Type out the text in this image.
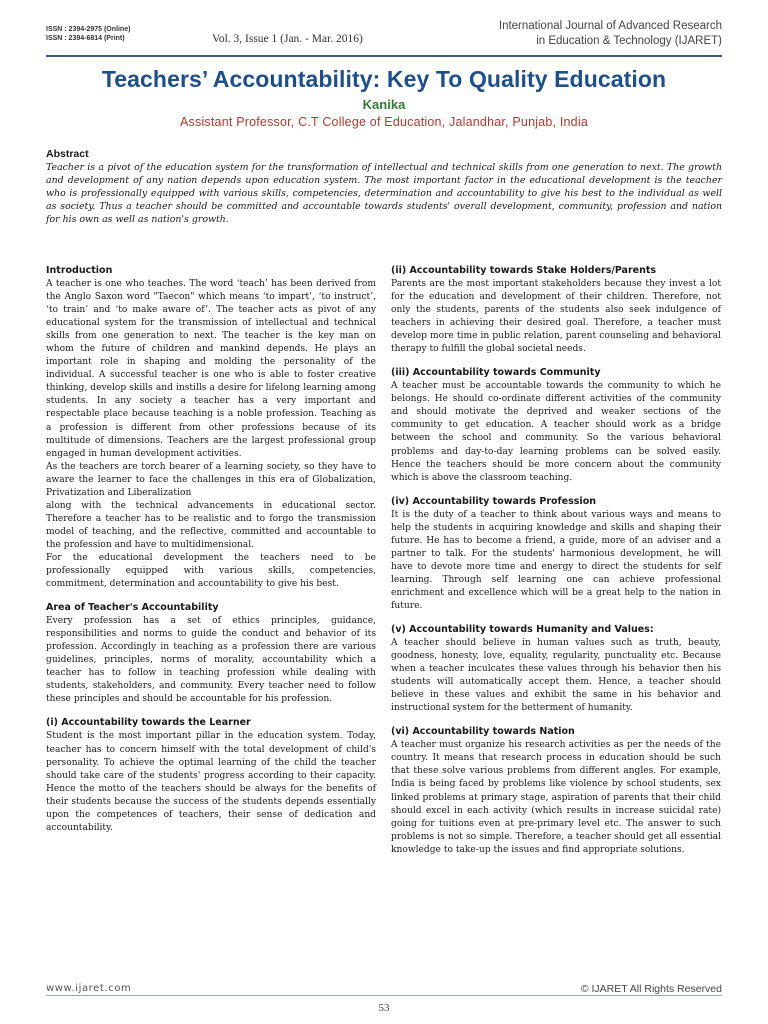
ISSN : 2394-2975 (Online)
ISSN : 2394-6814 (Print)	Vol. 3, Issue 1 (Jan. - Mar. 2016)
International Journal of Advanced Research
in Education & Technology (IJARET)
Teachers’ Accountability: Key To Quality Education
Kanika
Assistant Professor, C.T College of Education, Jalandhar, Punjab, India
Abstract
Teacher is a pivot of the education system for the transformation of intellectual and technical skills from one generation to next. The growth and development of any nation depends upon education system. The most important factor in the educational development is the teacher who is professionally equipped with various skills, competencies, determination and accountability to give his best to the individual as well as society. Thus a teacher should be committed and accountable towards students' overall development, community, profession and nation for his own as well as nation's growth.
Introduction

A teacher is one who teaches. The word ‘teach’ has been derived from the Anglo Saxon word "Taecon" which means ‘to impart’, ‘to instruct’, ‘to train’ and ‘to make aware of’. The teacher acts as pivot of any educational system for the transmission of intellectual and technical skills from one generation to next. The teacher is the key man on whom the future of children and mankind depends. He plays an important role in shaping and molding the personality of the individual. A successful teacher is one who is able to foster creative thinking, develop skills and instills a desire for lifelong learning among students. In any society a teacher has a very important and respectable place because teaching is a noble profession. Teaching as a profession is different from other professions because of its multitude of dimensions. Teachers are the largest professional group engaged in human development activities.

As the teachers are torch bearer of a learning society, so they have to aware the learner to face the challenges in this era of Globalization, Privatization and Liberalization

along with the technical advancements in educational sector. Therefore a teacher has to be realistic and to forgo the transmission model of teaching, and the reflective, committed and accountable to the profession and have to multidimensional.

For the educational development the teachers need to be professionally equipped with various skills, competencies, commitment, determination and accountability to give his best.

Area of Teacher's Accountability

Every profession has a set of ethics principles, guidance, responsibilities and norms to guide the conduct and behavior of its profession. Accordingly in teaching as a profession there are various guidelines, principles, norms of morality, accountability which a teacher has to follow in teaching profession while dealing with students, stakeholders, and community. Every teacher need to follow these principles and should be accountable for his profession.

(i) Accountability towards the Learner

Student is the most important pillar in the education system. Today, teacher has to concern himself with the total development of child's personality. To achieve the optimal learning of the child the teacher should take care of the students' progress according to their capacity. Hence the motto of the teachers should be always for the benefits of their students because the success of the students depends essentially upon the competences of teachers, their sense of dedication and accountability.

(ii) Accountability towards Stake Holders/Parents

Parents are the most important stakeholders because they invest a lot for the education and development of their children. Therefore, not only the students, parents of the students also seek indulgence of teachers in achieving their desired goal. Therefore, a teacher must develop more time in public relation, parent counseling and behavioral therapy to fulfill the global societal needs.

(iii) Accountability towards Community

A teacher must be accountable towards the community to which he belongs. He should co-ordinate different activities of the community and should motivate the deprived and weaker sections of the community to get education. A teacher should work as a bridge between the school and community. So the various behavioral problems and day-to-day learning problems can be solved easily. Hence the teachers should be more concern about the community which is above the classroom teaching.

(iv) Accountability towards Profession

It is the duty of a teacher to think about various ways and means to help the students in acquiring knowledge and skills and shaping their future. He has to become a friend, a guide, more of an adviser and a partner to talk. For the students' harmonious development, he will have to devote more time and energy to direct the students for self learning. Through self learning one can achieve professional enrichment and excellence which will be a great help to the nation in future.

(v) Accountability towards Humanity and Values:

A teacher should believe in human values such as truth, beauty, goodness, honesty, love, equality, regularity, punctuality etc. Because when a teacher inculcates these values through his behavior then his students will automatically accept them. Hence, a teacher should believe in these values and exhibit the same in his behavior and instructional system for the betterment of humanity.

(vi) Accountability towards Nation

A teacher must organize his research activities as per the needs of the country. It means that research process in education should be such that these solve various problems from different angles. For example, India is being faced by problems like violence by school students, sex linked problems at primary stage, aspiration of parents that their child should excel in each activity (which results in increase suicidal rate) going for tuitions even at pre-primary level etc. The answer to such problems is not so simple. Therefore, a teacher should get all essential knowledge to take-up the issues and find appropriate solutions.

www.ijaret.com	© IJARET All Rights Reserved
53
